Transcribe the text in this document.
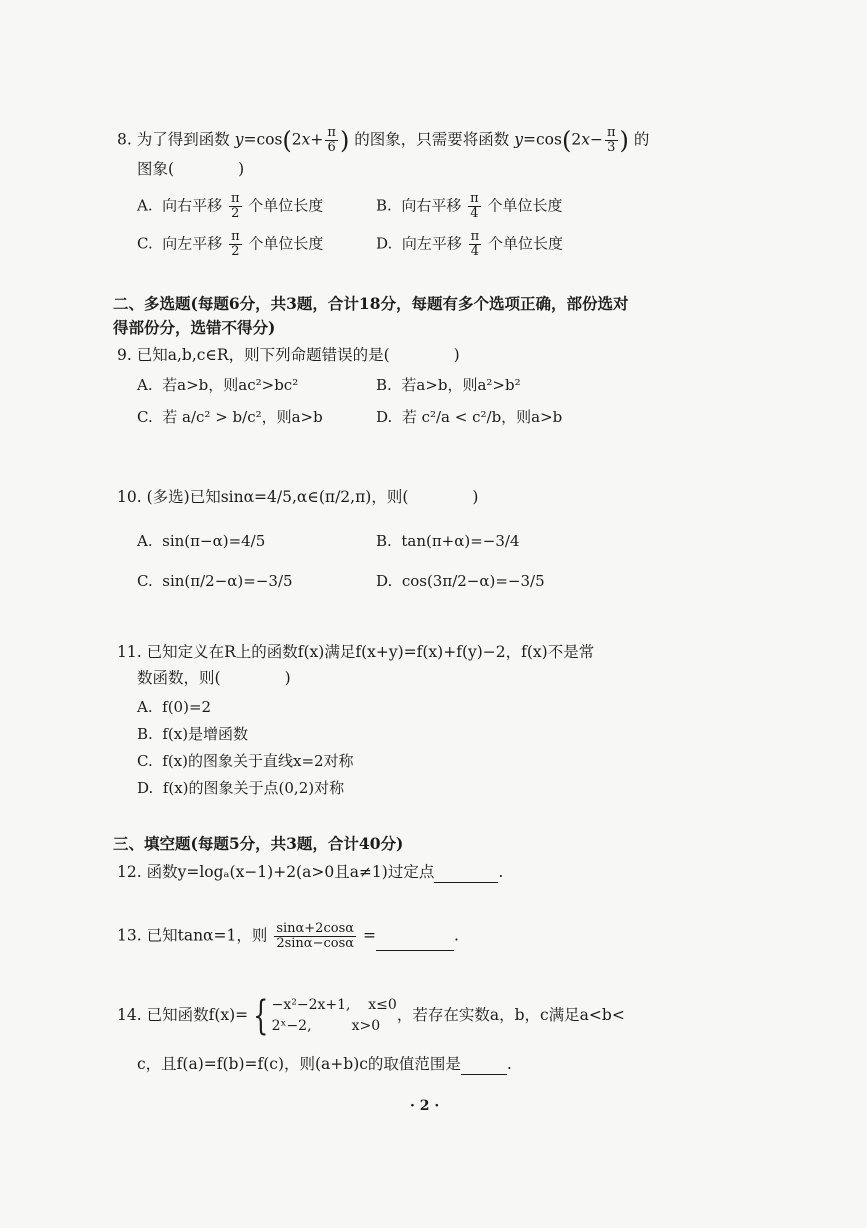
8. 为了得到函数 $y=\cos(2x+ \frac{\pi}{6}$ ) 的图象，只需要将函数 $y=\cos(2x- \frac{\pi}{3}$ ) 的
图象(	)
A. 向右平移 $\frac{\pi}{2}$ 个单位长度	B. 向右平移 $\frac{\pi}{4}$ 个单位长度
C. 向左平移 $\frac{\pi}{2}$ 个单位长度	D. 向左平移 $\frac{\pi}{4}$ 个单位长度
二、多选题(每题6分，共3题，合计18分，每题有多个选项正确，部份选对
得部份分，选错不得分)
9. 已知a,b,c∈R，则下列命题错误的是(	)
A. 若a>b，则ac²>bc²	B. 若a>b，则a²>b²
C. 若 a/c² > b/c²，则a>b	D. 若 c²/a < c²/b，则a>b
10. (多选)已知sinα=4/5,α∈(π/2,π)，则(	)
A. sin(π−α)=4/5	B. tan(π+α)=−3/4
C. sin(π/2−α)=−3/5	D. cos(3π/2−α)=−3/5
11. 已知定义在R上的函数f(x)满足f(x+y)=f(x)+f(y)−2，f(x)不是常
数函数，则(	)
A. f(0)=2
B. f(x)是增函数
C. f(x)的图象关于直线x=2对称
D. f(x)的图象关于点(0,2)对称
三、填空题(每题5分，共3题，合计40分)
12. 函数y=logₐ(x−1)+2(a>0且a≠1)过定点	.
13. 已知tanα=1，则 $\frac{\sin\alpha+2\cos\alpha}{2\sin\alpha-\cos\alpha}$ =	.
14. 已知函数f(x)= { −x²−2x+1, x≤0
2ˣ−2,	x>0
，若存在实数a，b，c满足a<b<
c，且f(a)=f(b)=f(c)，则(a+b)c的取值范围是	.
· 2 ·
